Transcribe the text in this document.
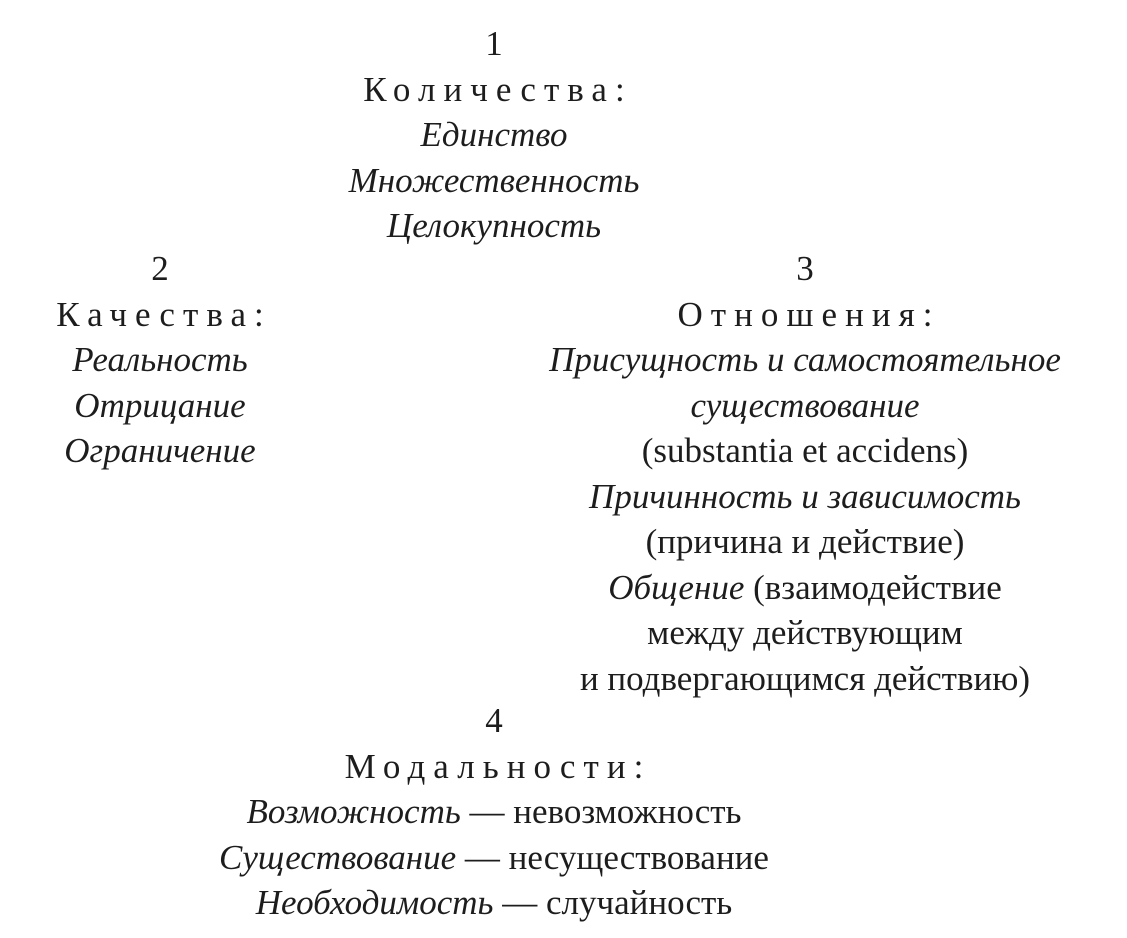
1
Количества:
Единство
Множественность
Целокупность
2
Качества:
Реальность
Отрицание
Ограничение
3
Отношения:
Присущность и самостоятельное
существование
(substantia et accidens)
Причинность и зависимость
(причина и действие)
Общение (взаимодействие
между действующим
и подвергающимся действию)
4
Модальности:
Возможность — невозможность
Существование — несуществование
Необходимость — случайность
